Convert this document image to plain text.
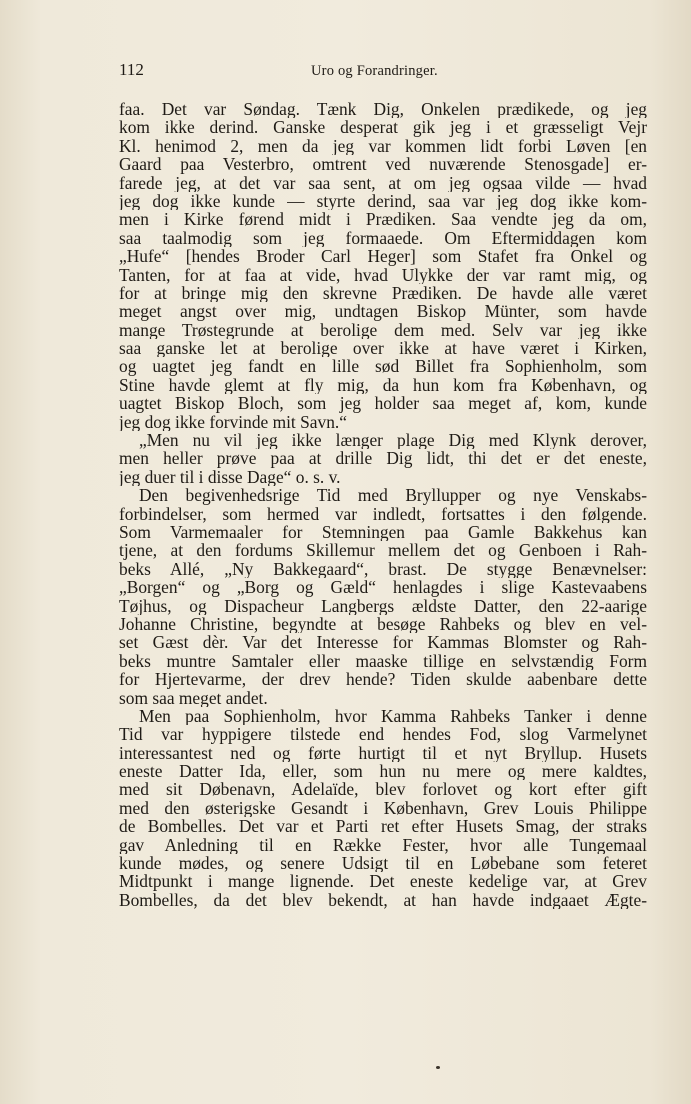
112	Uro og Forandringer.
faa. Det var Søndag. Tænk Dig, Onkelen prædikede, og jeg
kom ikke derind. Ganske desperat gik jeg i et græsseligt Vejr
Kl. henimod 2, men da jeg var kommen lidt forbi Løven [en
Gaard paa Vesterbro, omtrent ved nuværende Stenosgade] er-
farede jeg, at det var saa sent, at om jeg ogsaa vilde — hvad
jeg dog ikke kunde — styrte derind, saa var jeg dog ikke kom-
men i Kirke førend midt i Prædiken. Saa vendte jeg da om,
saa taalmodig som jeg formaaede. Om Eftermiddagen kom
„Hufe“ [hendes Broder Carl Heger] som Stafet fra Onkel og
Tanten, for at faa at vide, hvad Ulykke der var ramt mig, og
for at bringe mig den skrevne Prædiken. De havde alle været
meget angst over mig, undtagen Biskop Münter, som havde
mange Trøstegrunde at berolige dem med. Selv var jeg ikke
saa ganske let at berolige over ikke at have været i Kirken,
og uagtet jeg fandt en lille sød Billet fra Sophienholm, som
Stine havde glemt at fly mig, da hun kom fra København, og
uagtet Biskop Bloch, som jeg holder saa meget af, kom, kunde
jeg dog ikke forvinde mit Savn.“
„Men nu vil jeg ikke længer plage Dig med Klynk derover,
men heller prøve paa at drille Dig lidt, thi det er det eneste,
jeg duer til i disse Dage“ o. s. v.
Den begivenhedsrige Tid med Bryllupper og nye Venskabs-
forbindelser, som hermed var indledt, fortsattes i den følgende.
Som Varmemaaler for Stemningen paa Gamle Bakkehus kan
tjene, at den fordums Skillemur mellem det og Genboen i Rah-
beks Allé, „Ny Bakkegaard“, brast. De stygge Benævnelser:
„Borgen“ og „Borg og Gæld“ henlagdes i slige Kastevaabens
Tøjhus, og Dispacheur Langbergs ældste Datter, den 22-aarige
Johanne Christine, begyndte at besøge Rahbeks og blev en vel-
set Gæst dèr. Var det Interesse for Kammas Blomster og Rah-
beks muntre Samtaler eller maaske tillige en selvstændig Form
for Hjertevarme, der drev hende? Tiden skulde aabenbare dette
som saa meget andet.
Men paa Sophienholm, hvor Kamma Rahbeks Tanker i denne
Tid var hyppigere tilstede end hendes Fod, slog Varmelynet
interessantest ned og førte hurtigt til et nyt Bryllup. Husets
eneste Datter Ida, eller, som hun nu mere og mere kaldtes,
med sit Døbenavn, Adelaïde, blev forlovet og kort efter gift
med den østerigske Gesandt i København, Grev Louis Philippe
de Bombelles. Det var et Parti ret efter Husets Smag, der straks
gav Anledning til en Række Fester, hvor alle Tungemaal
kunde mødes, og senere Udsigt til en Løbebane som feteret
Midtpunkt i mange lignende. Det eneste kedelige var, at Grev
Bombelles, da det blev bekendt, at han havde indgaaet Ægte-
